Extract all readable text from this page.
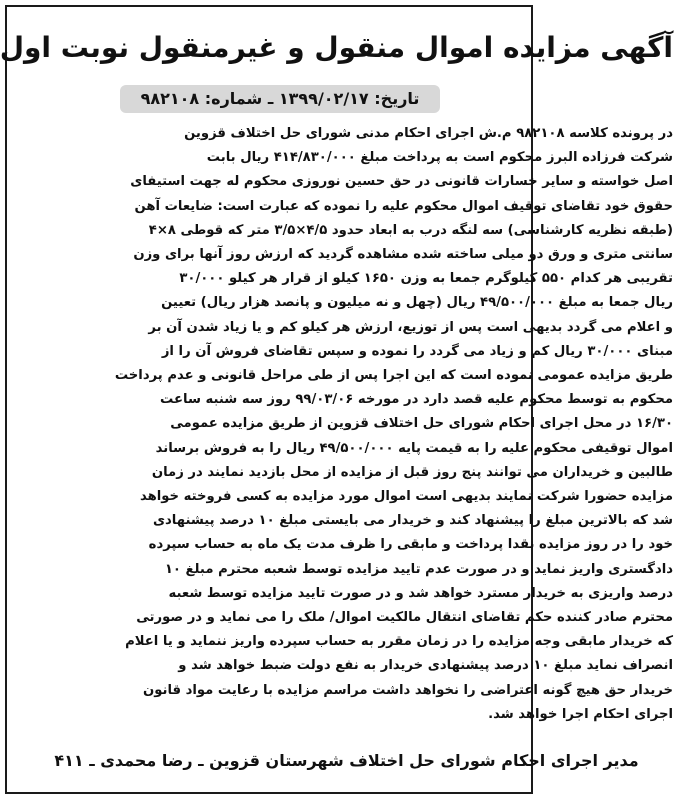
آگهی مزایده اموال منقول و غیرمنقول نوبت اول
تاریخ: ۱۳۹۹/۰۲/۱۷ ـ شماره: ۹۸۲۱۰۸
در پرونده کلاسه ۹۸۲۱۰۸ م.ش اجرای احکام مدنی شورای حل اختلاف قزوین
شرکت فرزاده البرز محکوم است به پرداخت مبلغ ۴۱۴/۸۳۰/۰۰۰ ریال بابت
اصل خواسته و سایر خسارات قانونی در حق حسین نوروزی محکوم له جهت استیفای
حقوق خود تقاضای توقیف اموال محکوم علیه را نموده که عبارت است: ضایعات آهن
(طبقه نظریه کارشناسی) سه لنگه درب به ابعاد حدود ۴/۵×۳/۵ متر که قوطی ۸×۴
سانتی متری و ورق دو میلی ساخته شده مشاهده گردید که ارزش روز آنها برای وزن
تقریبی هر کدام ۵۵۰ کیلوگرم جمعا به وزن ۱۶۵۰ کیلو از قرار هر کیلو ۳۰/۰۰۰
ریال جمعا به مبلغ ۴۹/۵۰۰/۰۰۰ ریال (چهل و نه میلیون و پانصد هزار ریال) تعیین
و اعلام می گردد بدیهی است پس از توزیع، ارزش هر کیلو کم و یا زیاد شدن آن بر
مبنای ۳۰/۰۰۰ ریال کم و زیاد می گردد را نموده و سپس تقاضای فروش آن را از
طریق مزایده عمومی نموده است که این اجرا پس از طی مراحل قانونی و عدم پرداخت
محکوم به توسط محکوم علیه قصد دارد در مورخه ۹۹/۰۳/۰۶ روز سه شنبه ساعت
۱۶/۳۰ در محل اجرای احکام شورای حل اختلاف قزوین از طریق مزایده عمومی
اموال توقیفی محکوم علیه را به قیمت پایه ۴۹/۵۰۰/۰۰۰ ریال را به فروش برساند
طالبین و خریداران می توانند پنج روز قبل از مزایده از محل بازدید نمایند در زمان
مزایده حضورا شرکت نمایند بدیهی است اموال مورد مزایده به کسی فروخته خواهد
شد که بالاترین مبلغ را پیشنهاد کند و خریدار می بایستی مبلغ ۱۰ درصد پیشنهادی
خود را در روز مزایده نقدا پرداخت و مابقی را ظرف مدت یک ماه به حساب سپرده
دادگستری واریز نماید و در صورت عدم تایید مزایده توسط شعبه محترم مبلغ ۱۰
درصد واریزی به خریدار مسترد خواهد شد و در صورت تایید مزایده توسط شعبه
محترم صادر کننده حکم تقاضای انتقال مالکیت اموال/ ملک را می نماید و در صورتی
که خریدار مابقی وجه مزایده را در زمان مقرر به حساب سپرده واریز ننماید و یا اعلام
انصراف نماید مبلغ ۱۰ درصد پیشنهادی خریدار به نفع دولت ضبط خواهد شد و
خریدار حق هیچ گونه اعتراضی را نخواهد داشت مراسم مزایده با رعایت مواد قانون
اجرای احکام اجرا خواهد شد.
مدیر اجرای احکام شورای حل اختلاف شهرستان قزوین ـ رضا محمدی ـ ۴۱۱
